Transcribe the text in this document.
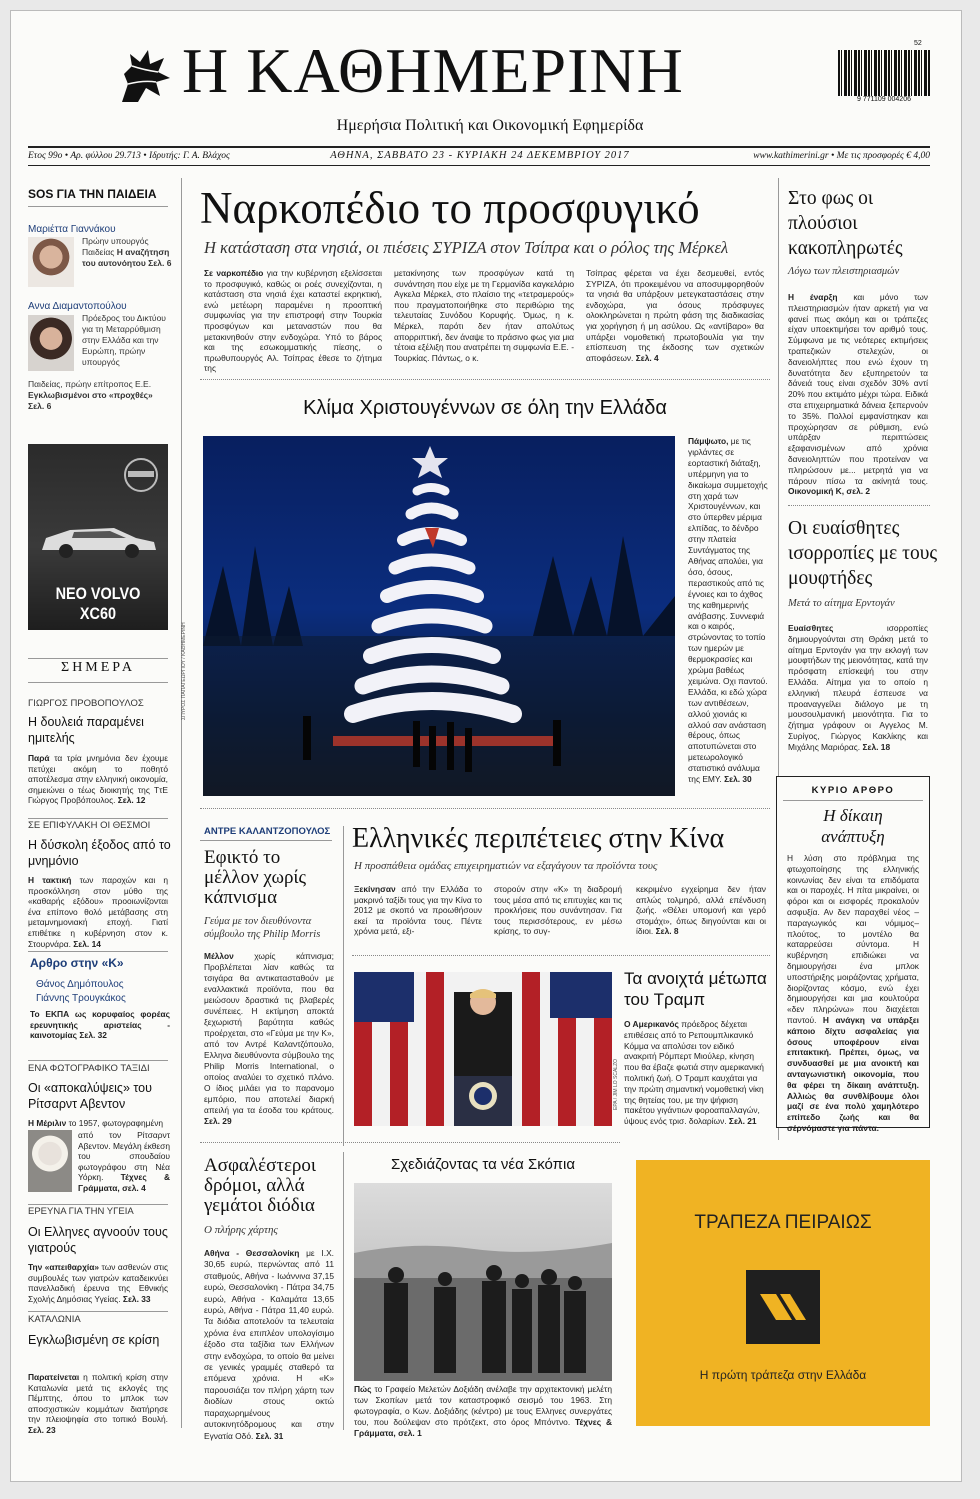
Η ΚΑΘΗΜΕΡΙΝΗ
Ημερήσια Πολιτική και Οικονομική Εφημερίδα
9 771109 004206
52
Ετος 99ο • Αρ. φύλλου 29.713 • Ιδρυτής: Γ. Α. Βλάχος	ΑΘΗΝΑ, ΣΑΒΒΑΤΟ 23 - ΚΥΡΙΑΚΗ 24 ΔΕΚΕΜΒΡΙΟΥ 2017	www.kathimerini.gr • Με τις προσφορές € 4,00
SOS ΓΙΑ ΤΗΝ ΠΑΙΔΕΙΑ
Μαριέττα Γιαννάκου
Πρώην υπουργός Παιδείας Η αναζήτηση του αυτονόητου Σελ. 6
Αννα Διαμαντοπούλου
Πρόεδρος του Δικτύου για τη Μεταρρύθμιση στην Ελλάδα και την Ευρώπη, πρώην υπουργός
Παιδείας, πρώην επίτροπος Ε.Ε. Εγκλωβισμένοι στο «προχθές» Σελ. 6
ΝΕΟ VOLVO XC60
ΣΗΜΕΡΑ
ΓΙΩΡΓΟΣ ΠΡΟΒΟΠΟΥΛΟΣ
Η δουλειά παραμένει ημιτελής
Παρά τα τρία μνημόνια δεν έχουμε πετύχει ακόμη το ποθητό αποτέλεσμα στην ελληνική οικονομία, σημειώνει ο τέως διοικητής της ΤτΕ Γιώργος Προβόπουλος. Σελ. 12
ΣΕ ΕΠΙΦΥΛΑΚΗ ΟΙ ΘΕΣΜΟΙ
Η δύσκολη έξοδος από το μνημόνιο
Η τακτική των παροχών και η προσκόλληση στον μύθο της «καθαρής εξόδου» προοιωνίζονται ένα επίπονο θολό μετάβασης στη μεταμνημονιακή εποχή. Γιατί επιθέτικε η κυβέρνηση στον κ. Στουρνάρα. Σελ. 14
Αρθρο στην «Κ»
Θάνος Δημόπουλος
Γιάννης Τρουγκάκος
Το ΕΚΠΑ ως κορυφαίος φορέας ερευνητικής αριστείας - καινοτομίας Σελ. 32
ΕΝΑ ΦΩΤΟΓΡΑΦΙΚΟ ΤΑΞΙΔΙ
Οι «αποκαλύψεις» του Ρίτσαρντ Αβεντον
Η Μέριλιν το 1957, φωτογραφημένη
από τον Ρίτσαρντ Αβεντον. Μεγάλη έκθεση του σπουδαίου φωτογράφου στη Νέα Υόρκη. Τέχνες & Γράμματα, σελ. 4
ΕΡΕΥΝΑ ΓΙΑ ΤΗΝ ΥΓΕΙΑ
Οι Ελληνες αγνοούν τους γιατρούς
Την «απειθαρχία» των ασθενών στις συμβουλές των γιατρών καταδεικνύει πανελλαδική έρευνα της Εθνικής Σχολής Δημόσιας Υγείας. Σελ. 33
ΚΑΤΑΛΩΝΙΑ
Εγκλωβισμένη σε κρίση
Παρατείνεται η πολιτική κρίση στην Καταλωνία μετά τις εκλογές της Πέμπτης, όπου το μπλοκ των αποσχιστικών κομμάτων διατήρησε την πλειοψηφία στο τοπικό Βουλή. Σελ. 23
Ναρκοπέδιο το προσφυγικό
Η κατάσταση στα νησιά, οι πιέσεις ΣΥΡΙΖΑ στον Τσίπρα και ο ρόλος της Μέρκελ
Σε ναρκοπέδιο για την κυβέρνηση εξελίσσεται το προσφυγικό, καθώς οι ροές συνεχίζονται, η κατάσταση στα νησιά έχει καταστεί εκρηκτική, ενώ μετέωρη παραμένει η προοπτική συμφωνίας για την επιστροφή στην Τουρκία προσφύγων και μεταναστών που θα μετακινηθούν στην ενδοχώρα. Υπό το βάρος και της εσωκομματικής πίεσης, ο πρωθυπουργός Αλ. Τσίπρας έθεσε το ζήτημα της
μετακίνησης των προσφύγων κατά τη συνάντηση που είχε με τη Γερμανίδα καγκελάριο Αγκελα Μέρκελ, στο πλαίσιο της «τετραμερούς» που πραγματοποιήθηκε στο περιθώριο της τελευταίας Συνόδου Κορυφής. Όμως, η κ. Μέρκελ, παρότι δεν ήταν απολύτως απορριπτική, δεν άναψε το πράσινο φως για μια τέτοια εξέλιξη που ανατρέπει τη συμφωνία Ε.Ε. - Τουρκίας. Πάντως, ο κ.
Τσίπρας φέρεται να έχει δεσμευθεί, εντός ΣΥΡΙΖΑ, ότι προκειμένου να αποσυμφορηθούν τα νησιά θα υπάρξουν μετεγκαταστάσεις στην ενδοχώρα, για όσους πρόσφυγες ολοκληρώνεται η πρώτη φάση της διαδικασίας για χορήγηση ή μη ασύλου. Ως «αντίβαρο» θα υπάρξει νομοθετική πρωτοβουλία για την επίσπευση της έκδοσης των σχετικών αποφάσεων. Σελ. 4
Κλίμα Χριστουγέννων σε όλη την Ελλάδα
ΣΠΥΡΟΣ ΠΑΠΑΓΕΩΡΓΙΟΥ / ΚΑΘΗΜΕΡΙΝΗ
Πάμψωτο, με τις γιρλάντες σε εορταστική διάταξη, υπέρμηνη για το δικαίωμα συμμετοχής στη χαρά των Χριστουγέννων, και στο ύπερθεν μέριμα ελπίδας, το δένδρο στην πλατεία Συντάγματος της Αθήνας απολύει, για όσο, όσους, περαστικούς από τις έγνοιες και το άχθος της καθημερινής ανάβασης. Συννεφιά και ο καιρός, στρώνοντας το τοπίο των ημερών με θερμοκρασίες και χρώμα βαθέως χειμώνα. Οχι παντού. Ελλάδα, κι εδώ χώρα των αντιθέσεων, αλλού χιονιάς κι αλλού σαν ανάσταση θέρους, όπως αποτυπώνεται στο μετεωρολογικό στατιστικό ανάλυμα της ΕΜΥ. Σελ. 30
ΑΝΤΡΕ ΚΑΛΑΝΤΖΟΠΟΥΛΟΣ
Εφικτό το μέλλον χωρίς κάπνισμα
Γεύμα με τον διευθύνοντα σύμβουλο της Philip Morris
Μέλλον χωρίς κάπνισμα; Προβλέπεται λίαν καθώς τα τσιγάρα θα αντικατασταθούν με εναλλακτικά προϊόντα, που θα μειώσουν δραστικά τις βλαβερές συνέπειες. Η εκτίμηση αποκτά ξεχωριστή βαρύτητα καθώς προέρχεται, στο «Γεύμα με την Κ», από τον Αντρέ Καλαντζόπουλο, Ελληνα διευθύνοντα σύμβουλο της Philip Morris International, ο οποίος αναλύει το σχετικό πλάνο. Ο ίδιος μιλάει για το παρανομο εμπόριο, που αποτελεί διαρκή απειλή για τα έσοδα του κράτους. Σελ. 29
Ελληνικές περιπέτειες στην Κίνα
Η προσπάθεια ομάδας επιχειρηματιών να εξαγάγουν τα προϊόντα τους
Ξεκίνησαν από την Ελλάδα το μακρινό ταξίδι τους για την Κίνα το 2012 με σκοπό να προωθήσουν εκεί τα προϊόντα τους. Πέντε χρόνια μετά, εξι-
στορούν στην «Κ» τη διαδρομή τους μέσα από τις επιτυχίες και τις προκλήσεις που συνάντησαν. Για τους περισσότερους, εν μέσω κρίσης, το συγ-
κεκριμένο εγχείρημα δεν ήταν απλώς τολμηρό, αλλά επένδυση ζωής. «Θέλει υπομονή και γερό στομάχι», όπως διηγούνται και οι ίδιοι. Σελ. 8
EPA / JIM LO SCALZO
Τα ανοιχτά μέτωπα του Τραμπ
Ο Αμερικανός πρόεδρος δέχεται επιθέσεις από το Ρεπουμπλικανικό Κόμμα να απολύσει τον ειδικό ανακριτή Ρόμπερτ Μιούλερ, κίνηση που θα έβαζε φωτιά στην αμερικανική πολιτική ζωή. Ο Τραμπ καυχάται για την πρώτη σημαντική νομοθετική νίκη της θητείας του, με την ψήφιση πακέτου γιγάντιων φοροαπαλλαγών, ύψους ενός τρισ. δολαρίων. Σελ. 21
Ασφαλέστεροι δρόμοι, αλλά γεμάτοι διόδια
Ο πλήρης χάρτης
Αθήνα - Θεσσαλονίκη με Ι.Χ. 30,65 ευρώ, περνώντας από 11 σταθμούς, Αθήνα - Ιωάννινα 37,15 ευρώ, Θεσσαλονίκη - Πάτρα 34,75 ευρώ, Αθήνα - Καλαμάτα 13,65 ευρώ, Αθήνα - Πάτρα 11,40 ευρώ. Τα διόδια αποτελούν τα τελευταία χρόνια ένα επιπλέον υπολογίσιμο έξοδο στα ταξίδια των Ελλήνων στην ενδοχώρα, το οποίο θα μείνει σε γενικές γραμμές σταθερό τα επόμενα χρόνια. Η «Κ» παρουσιάζει τον πλήρη χάρτη των διοδίων στους οκτώ παραχωρημένους αυτοκινητόδρομους και στην Εγνατία Οδό. Σελ. 31
Σχεδιάζοντας τα νέα Σκόπια
Πώς το Γραφείο Μελετών Δοξιάδη ανέλαβε την αρχιτεκτονική μελέτη των Σκοπίων μετά τον καταστροφικό σεισμό του 1963. Στη φωτογραφία, ο Κων. Δοξιάδης (κέντρο) με τους Ελληνες συνεργάτες του, που δούλεψαν στο πρότζεκτ, στο όρος Μπόντνο. Τέχνες & Γράμματα, σελ. 1
Στο φως οι πλούσιοι κακοπληρωτές
Λόγω των πλειστηριασμών
Η έναρξη και μόνο των πλειστηριασμών ήταν αρκετή για να φανεί πως ακόμη και οι τράπεζες είχαν υποεκτιμήσει τον αριθμό τους. Σύμφωνα με τις νεότερες εκτιμήσεις τραπεζικών στελεχών, οι δανειολήπτες που ενώ έχουν τη δυνατότητα δεν εξυπηρετούν τα δάνειά τους είναι σχεδόν 30% αντί 20% που εκτιμάτο μέχρι τώρα. Ειδικά στα επιχειρηματικά δάνεια ξεπερνούν το 35%. Πολλοί εμφανίστηκαν και προχώρησαν σε ρύθμιση, ενώ υπάρξαν περιπτώσεις εξαφανισμένων από χρόνια δανειοληπτών που προτείναν να πληρώσουν με... μετρητά για να πάρουν πίσω τα ακίνητά τους. Οικονομική Κ, σελ. 2
Οι ευαίσθητες ισορροπίες με τους μουφτήδες
Μετά το αίτημα Ερντογάν
Ευαίσθητες ισορροπίες δημιουργούνται στη Θράκη μετά το αίτημα Ερντογάν για την εκλογή των μουφτήδων της μειονότητας, κατά την πρόσφατη επίσκεψή του στην Ελλάδα. Αίτημα για το οποίο η ελληνική πλευρά έσπευσε να προαναγγείλει διάλογο με τη μουσουλμανική μειονότητα. Για το ζήτημα γράφουν οι Αγγελος Μ. Συρίγος, Γιώργος Κακλίκης και Μιχάλης Μαριόρας. Σελ. 18
ΚΥΡΙΟ ΑΡΘΡΟ
Η δίκαιη ανάπτυξη
Η λύση στο πρόβλημα της φτωχοποίησης της ελληνικής κοινωνίας δεν είναι τα επιδόματα και οι παροχές. Η πίτα μικραίνει, οι φόροι και οι εισφορές προκαλούν ασφυξία. Αν δεν παραχθεί νέος –παραγωγικός και νόμιμος– πλούτος, το μοντέλο θα καταρρεύσει σύντομα. Η κυβέρνηση επιδιώκει να δημιουργήσει ένα μπλοκ υποστήριξης μοιράζοντας χρήματα, διορίζοντας κόσμο, ενώ έχει δημιουργήσει και μια κουλτούρα «δεν πληρώνω» που διαχέεται παντού. Η ανάγκη να υπάρξει κάποιο δίχτυ ασφαλείας για όσους υποφέρουν είναι επιτακτική. Πρέπει, όμως, να συνδυασθεί με μια ανοικτή και ανταγωνιστική οικονομία, που θα φέρει τη δίκαιη ανάπτυξη. Αλλιώς θα συνθλίβουμε όλοι μαζί σε ένα πολύ χαμηλότερο επίπεδο ζωής και θα σέρνόμαστε για πάντα.
ΤΡΑΠΕΖΑ ΠΕΙΡΑΙΩΣ
Η πρώτη τράπεζα στην Ελλάδα
